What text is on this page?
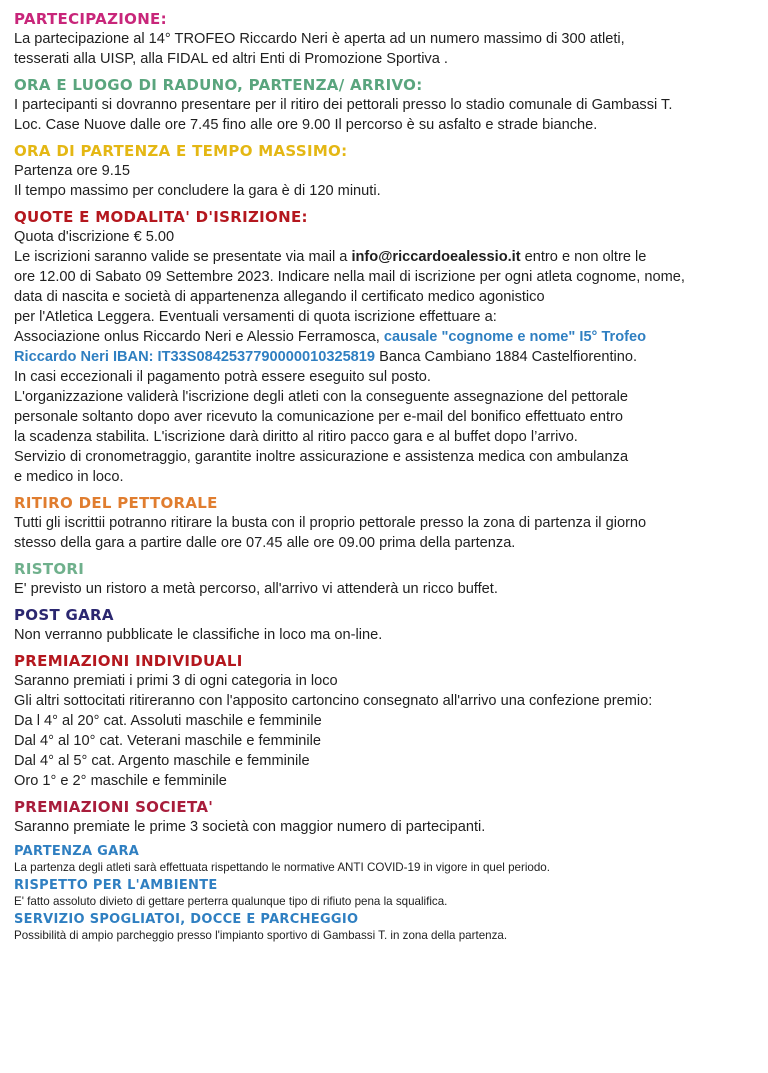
PARTECIPAZIONE:

La partecipazione al 14° TROFEO Riccardo Neri è aperta ad un numero massimo di 300 atleti,

tesserati alla UISP, alla FIDAL ed altri Enti di Promozione Sportiva .

ORA E LUOGO DI RADUNO, PARTENZA/ ARRIVO:

I partecipanti si dovranno presentare per il ritiro dei pettorali presso lo stadio comunale di Gambassi T.

Loc. Case Nuove dalle ore 7.45 fino alle ore 9.00 Il percorso è su asfalto e strade bianche.

ORA DI PARTENZA E TEMPO MASSIMO:

Partenza ore 9.15

Il tempo massimo per concludere la gara è di 120 minuti.

QUOTE E MODALITA' D'ISRIZIONE:

Quota d'iscrizione € 5.00

Le iscrizioni saranno valide se presentate via mail a info@riccardoealessio.it entro e non oltre le

ore 12.00 di Sabato 09 Settembre 2023. Indicare nella mail di iscrizione per ogni atleta cognome, nome,

data di nascita e società di appartenenza allegando il certificato medico agonistico

per l'Atletica Leggera. Eventuali versamenti di quota iscrizione effettuare a:

Associazione onlus Riccardo Neri e Alessio Ferramosca, causale "cognome e nome" I5° Trofeo

Riccardo Neri IBAN: IT33S0842537790000010325819 Banca Cambiano 1884 Castelfiorentino.

In casi eccezionali il pagamento potrà essere eseguito sul posto.

L'organizzazione validerà l'iscrizione degli atleti con la conseguente assegnazione del pettorale

personale soltanto dopo aver ricevuto la comunicazione per e-mail del bonifico effettuato entro

la scadenza stabilita. L'iscrizione darà diritto al ritiro pacco gara e al buffet dopo l’arrivo.

Servizio di cronometraggio, garantite inoltre assicurazione e assistenza medica con ambulanza

e medico in loco.

RITIRO DEL PETTORALE

Tutti gli iscrittii potranno ritirare la busta con il proprio pettorale presso la zona di partenza il giorno

stesso della gara a partire dalle ore 07.45 alle ore 09.00 prima della partenza.

RISTORI

E' previsto un ristoro a metà percorso, all'arrivo vi attenderà un ricco buffet.

POST GARA

Non verranno pubblicate le classifiche in loco ma on-line.

PREMIAZIONI INDIVIDUALI

Saranno premiati i primi 3 di ogni categoria in loco

Gli altri sottocitati ritireranno con l'apposito cartoncino consegnato all'arrivo una confezione premio:

Da l 4° al 20° cat. Assoluti maschile e femminile

Dal 4° al 10° cat. Veterani maschile e femminile

Dal 4° al 5° cat. Argento maschile e femminile

Oro 1° e 2° maschile e femminile

PREMIAZIONI SOCIETA'

Saranno premiate le prime 3 società con maggior numero di partecipanti.

PARTENZA GARA

La partenza degli atleti sarà effettuata rispettando le normative ANTI COVID-19 in vigore in quel periodo.

RISPETTO PER L'AMBIENTE

E' fatto assoluto divieto di gettare perterra qualunque tipo di rifiuto pena la squalifica.

SERVIZIO SPOGLIATOI, DOCCE E PARCHEGGIO

Possibilità di ampio parcheggio presso l'impianto sportivo di Gambassi T. in zona della partenza.
